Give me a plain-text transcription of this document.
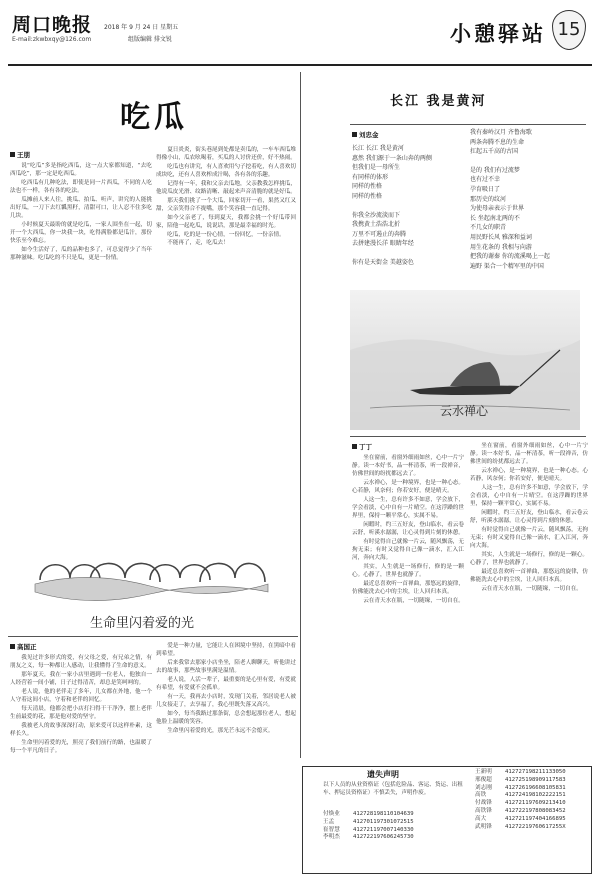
周口晚报
E-mail:zkwbxqy@126.com
2018 年 9 月 24 日 星期五
组版编辑 排文锐	小憩驿站 15
吃瓜
王朋

说“吃瓜”多是指吃西瓜，这一点大家都知道，“去吃西瓜吃”，那一定是吃西瓜。

吃西瓜有几种吃法，即使是同一片西瓜，不同的人吃法也不一样，各有各的吃法。

瓜摊前人来人往，挑瓜、拍瓜、听声，讲究的人能挑出好瓜，一刀下去红瓤黑籽，清甜可口，让人忍不住多吃几块。

小时候夏天最盼的就是吃瓜，一家人围坐在一起，切开一个大西瓜，你一块我一块，吃得满脸都是瓜汁，那份快乐至今难忘。

如今生活好了，瓜的品种也多了，可总觉得少了当年那种滋味。吃瓜吃的不只是瓜，更是一份情。

夏日炎炎，街头巷尾到处都是卖瓜的，一车车西瓜堆得像小山，瓜农吆喝着，买瓜的人讨价还价，好不热闹。

吃瓜也有讲究，有人喜欢用勺子挖着吃，有人喜欢切成块吃，还有人喜欢榨成汁喝，各有各的乐趣。

记得有一年，我和父亲去瓜地，父亲教我怎样挑瓜，他说瓜皮光滑、纹路清晰、敲起来声音清脆的就是好瓜。

那天我们挑了一个大瓜，回家切开一看，果然又红又甜，父亲笑得合不拢嘴，那个笑容我一直记得。

如今父亲老了，每到夏天，我都会挑一个好瓜带回家，陪他一起吃瓜，说说话，那是最幸福的时光。

吃瓜，吃的是一份心情，一份回忆，一份亲情。

不能再了，走，吃瓜去！

生命里闪着爱的光
高国正

我见过许多形式的爱，有父母之爱，有兄弟之情，有朋友之义，每一种都让人感动，让我懂得了生命的意义。

那年夏天，我在一家小店里遇到一位老人，他独自一人经营着一间小铺，日子过得清苦，却总是笑呵呵的。

老人说，他的老伴走了多年，儿女都在外地，他一个人守着这间小店，守着和老伴的回忆。

每天清晨，他都会把小店打扫得干干净净，摆上老伴生前最爱的花，那是他对爱的坚守。

我被老人的故事深深打动，原来爱可以这样朴素，这样长久。

生命里闪着爱的光，照亮了我们前行的路，也温暖了每一个平凡的日子。

爱是一种力量，它能让人在困境中坚持，在黑暗中看到希望。

后来我常去那家小店坐坐，陪老人聊聊天，听他讲过去的故事，那些故事里满是温情。

老人说，人活一辈子，最重要的是心里有爱，有爱就有希望，有爱就不会孤单。

有一天，我再去小店时，发现门关着，邻居说老人被儿女接走了，去享福了，我心里既失落又高兴。

如今，每当我路过那条街，总会想起那位老人，想起他脸上温暖的笑容。

生命里闪着爱的光，那光芒永远不会熄灭。

长江 我是黄河
刘忠金
长江 长江 我是黄河
惠然 我们源于一条山奔的两侧
但我们是一母所生
有同样的体形
同样的性格
同样的性格
你我全沙流淡而下
我携黄土浩浩北折
万里不可遏止的奔腾
去拼建漫长洋 眼睛年经
你有是天街金 美越姿色
我有秦岭汉月 齐鲁海歌
两条奔腾不息的生命
扛起五千高的古国
是的 我们有过流梦
也有过不幸
孕育吸日了
那历史的纹河
为使母亲表示于世界
长 坐起南北两的不
不几女的职青
用民野长风 雅深和益词
用生花条的 我相与向游
把我的谢秦 你的流溪喝上一起
遍野 渠合一个精军里的中国
云水禅心
丁丁

坐在窗前，看窗外细雨如丝，心中一片宁静。读一本好书，品一杯清茶，听一段禅音，仿佛世间的纷扰都远去了。

云水禅心，是一种境界，也是一种心态。心若静，风奈何；你若安好，便是晴天。

人这一生，总有许多不如意，学会放下，学会看淡，心中自有一片晴空。在这浮躁的世界里，保持一颗平常心，实属不易。

闲暇时，约三五好友，登山临水，看云卷云舒，听溪水潺潺，让心灵得到片刻的休憩。

有时觉得自己就像一片云，随风飘荡，无拘无束；有时又觉得自己像一滴水，汇入江河，奔向大海。

其实，人生就是一场修行，修的是一颗心。心静了，世界也就静了。

最近总喜欢听一首禅曲，那悠远的旋律，仿佛能洗去心中的尘埃，让人回归本真。

云在青天水在瓶，一切随缘，一切自在。

坐在窗前，看窗外细雨如丝，心中一片宁静。读一本好书，品一杯清茶，听一段禅音，仿佛世间的纷扰都远去了。

云水禅心，是一种境界，也是一种心态。心若静，风奈何；你若安好，便是晴天。

人这一生，总有许多不如意，学会放下，学会看淡，心中自有一片晴空。在这浮躁的世界里，保持一颗平常心，实属不易。

闲暇时，约三五好友，登山临水，看云卷云舒，听溪水潺潺，让心灵得到片刻的休憩。

有时觉得自己就像一片云，随风飘荡，无拘无束；有时又觉得自己像一滴水，汇入江河，奔向大海。

其实，人生就是一场修行，修的是一颗心。心静了，世界也就静了。

最近总喜欢听一首禅曲，那悠远的旋律，仿佛能洗去心中的尘埃，让人回归本真。

云在青天水在瓶，一切随缘，一切自在。

遗失声明
以下人员的从业资格证（包括危险品、客运、货运、出租车、押运员资格证）不慎丢失，声明作废。
付焕业 412728198110104639
王孟	412701197301072515
崔智慧 412721197007140330
李明杰 412722197606245730
王新明 412727198211133050
邢俊超 412725198909117583
刘志刚 412726196608105831
高铁	412724198102222151
付战锋 412721197609213410
高铁锋 412722197808083452
高大	412721197404166895
武明锋 41272219760617255X
